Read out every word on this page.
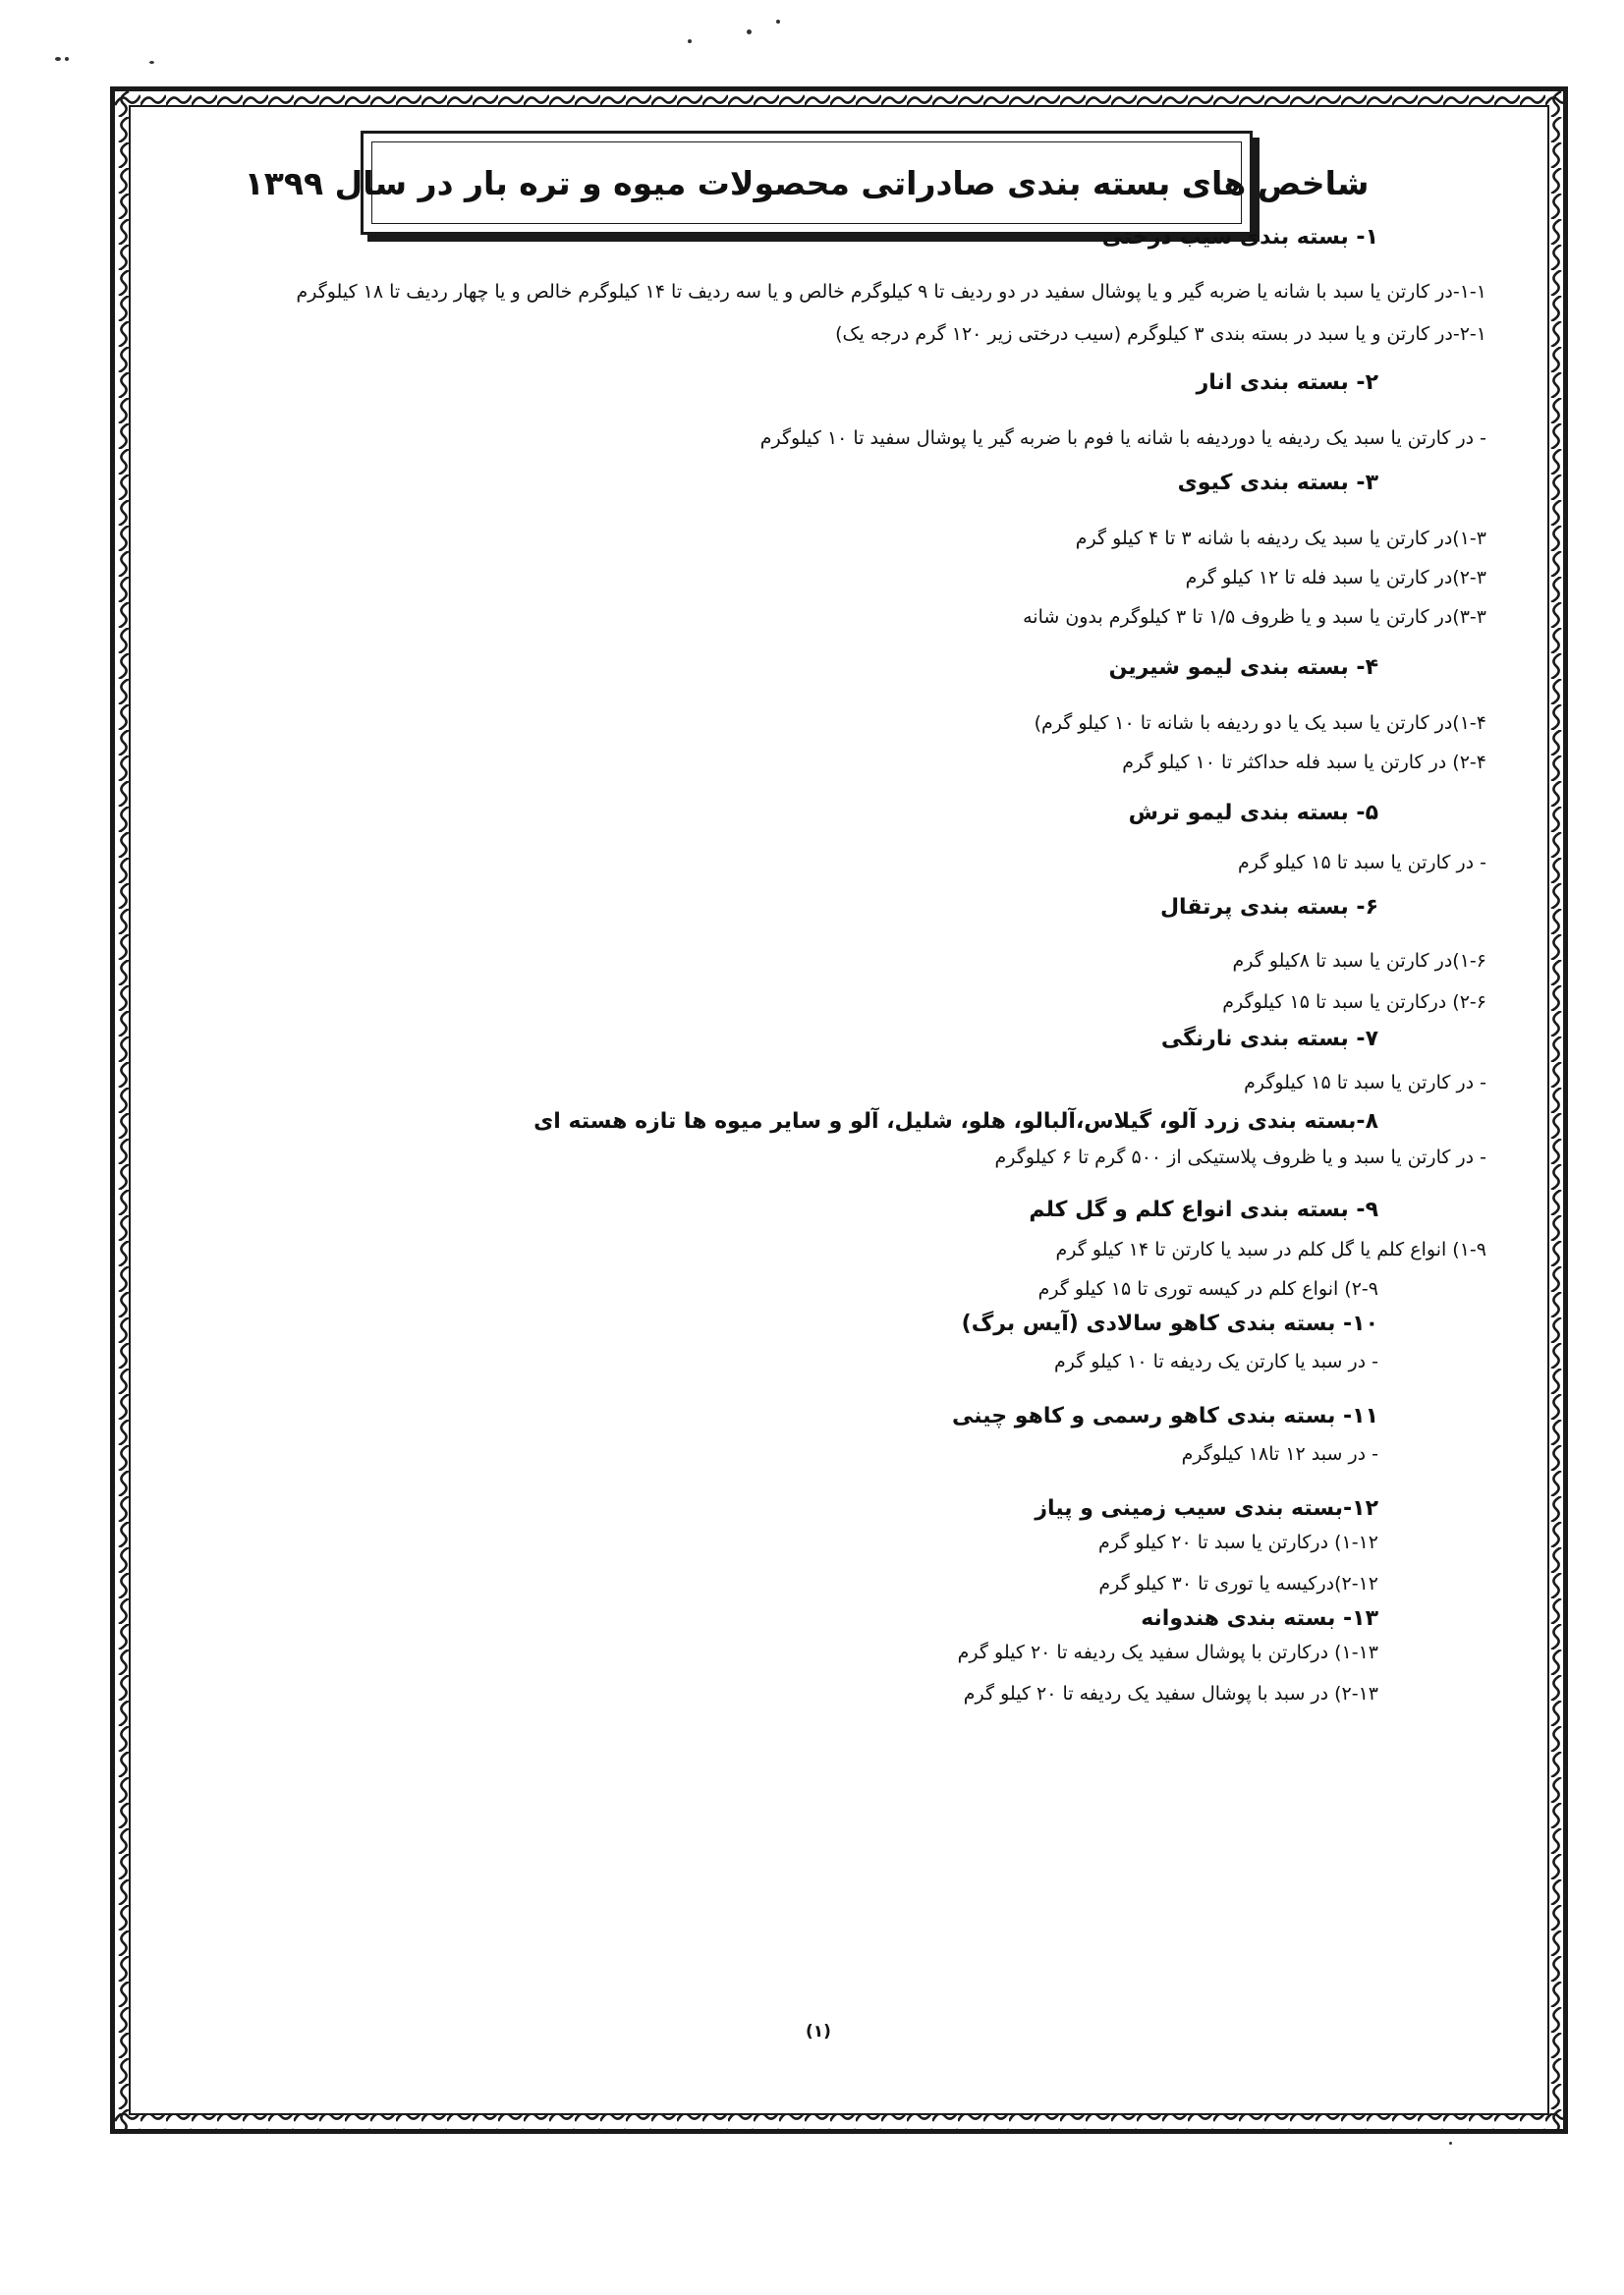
شاخص های بسته بندی صادراتی محصولات میوه و تره بار در سال ۱۳۹۹
۱- بسته بندی سیب درختی
۱-۱-در کارتن یا سبد با شانه یا ضربه گیر و یا پوشال سفید در دو ردیف تا ۹ کیلوگرم خالص و یا سه ردیف تا ۱۴ کیلوگرم خالص و یا چهار ردیف تا ۱۸ کیلوگرم
۲-۱-در کارتن و یا سبد در بسته بندی ۳ کیلوگرم (سیب درختی زیر ۱۲۰ گرم درجه یک)
۲- بسته بندی انار
- در کارتن یا سبد یک ردیفه یا دوردیفه با شانه یا فوم با ضربه گیر یا پوشال سفید تا ۱۰ کیلوگرم
۳- بسته بندی کیوی
۱-۳)در کارتن یا سبد یک ردیفه با شانه ۳ تا ۴ کیلو گرم
۲-۳)در کارتن یا سبد فله تا ۱۲ کیلو گرم
۳-۳)در کارتن یا سبد و یا ظروف ۱/۵ تا ۳ کیلوگرم بدون شانه
۴- بسته بندی لیمو شیرین
۱-۴)در کارتن یا سبد یک یا دو ردیفه با شانه تا ۱۰ کیلو گرم)
۲-۴) در کارتن یا سبد فله حداکثر تا ۱۰ کیلو گرم
۵- بسته بندی لیمو ترش
- در کارتن یا سبد تا ۱۵ کیلو گرم
۶- بسته بندی پرتقال
۱-۶)در کارتن یا سبد تا ۸کیلو گرم
۲-۶) درکارتن یا سبد تا ۱۵ کیلوگرم
۷- بسته بندی نارنگی
- در کارتن یا سبد تا ۱۵ کیلوگرم
۸-بسته بندی زرد آلو، گیلاس،آلبالو، هلو، شلیل، آلو و سایر میوه ها تازه هسته ای
- در کارتن یا سبد و یا ظروف پلاستیکی از ۵۰۰ گرم تا ۶ کیلوگرم
۹- بسته بندی انواع کلم و گل کلم
۱-۹) انواع کلم یا گل کلم در سبد یا کارتن تا ۱۴ کیلو گرم
۲-۹) انواع کلم در کیسه توری تا ۱۵ کیلو گرم
۱۰- بسته بندی کاهو سالادی (آیس برگ)
- در سبد یا کارتن یک ردیفه تا ۱۰ کیلو گرم
۱۱- بسته بندی کاهو رسمی و کاهو چینی
- در سبد ۱۲ تا۱۸ کیلوگرم
۱۲-بسته بندی سیب زمینی و پیاز
۱-۱۲) درکارتن یا سبد تا ۲۰ کیلو گرم
۲-۱۲)درکیسه یا توری تا ۳۰ کیلو گرم
۱۳- بسته بندی هندوانه
۱-۱۳) درکارتن با پوشال سفید یک ردیفه تا ۲۰ کیلو گرم
۲-۱۳) در سبد با پوشال سفید یک ردیفه تا ۲۰ کیلو گرم
(۱)
